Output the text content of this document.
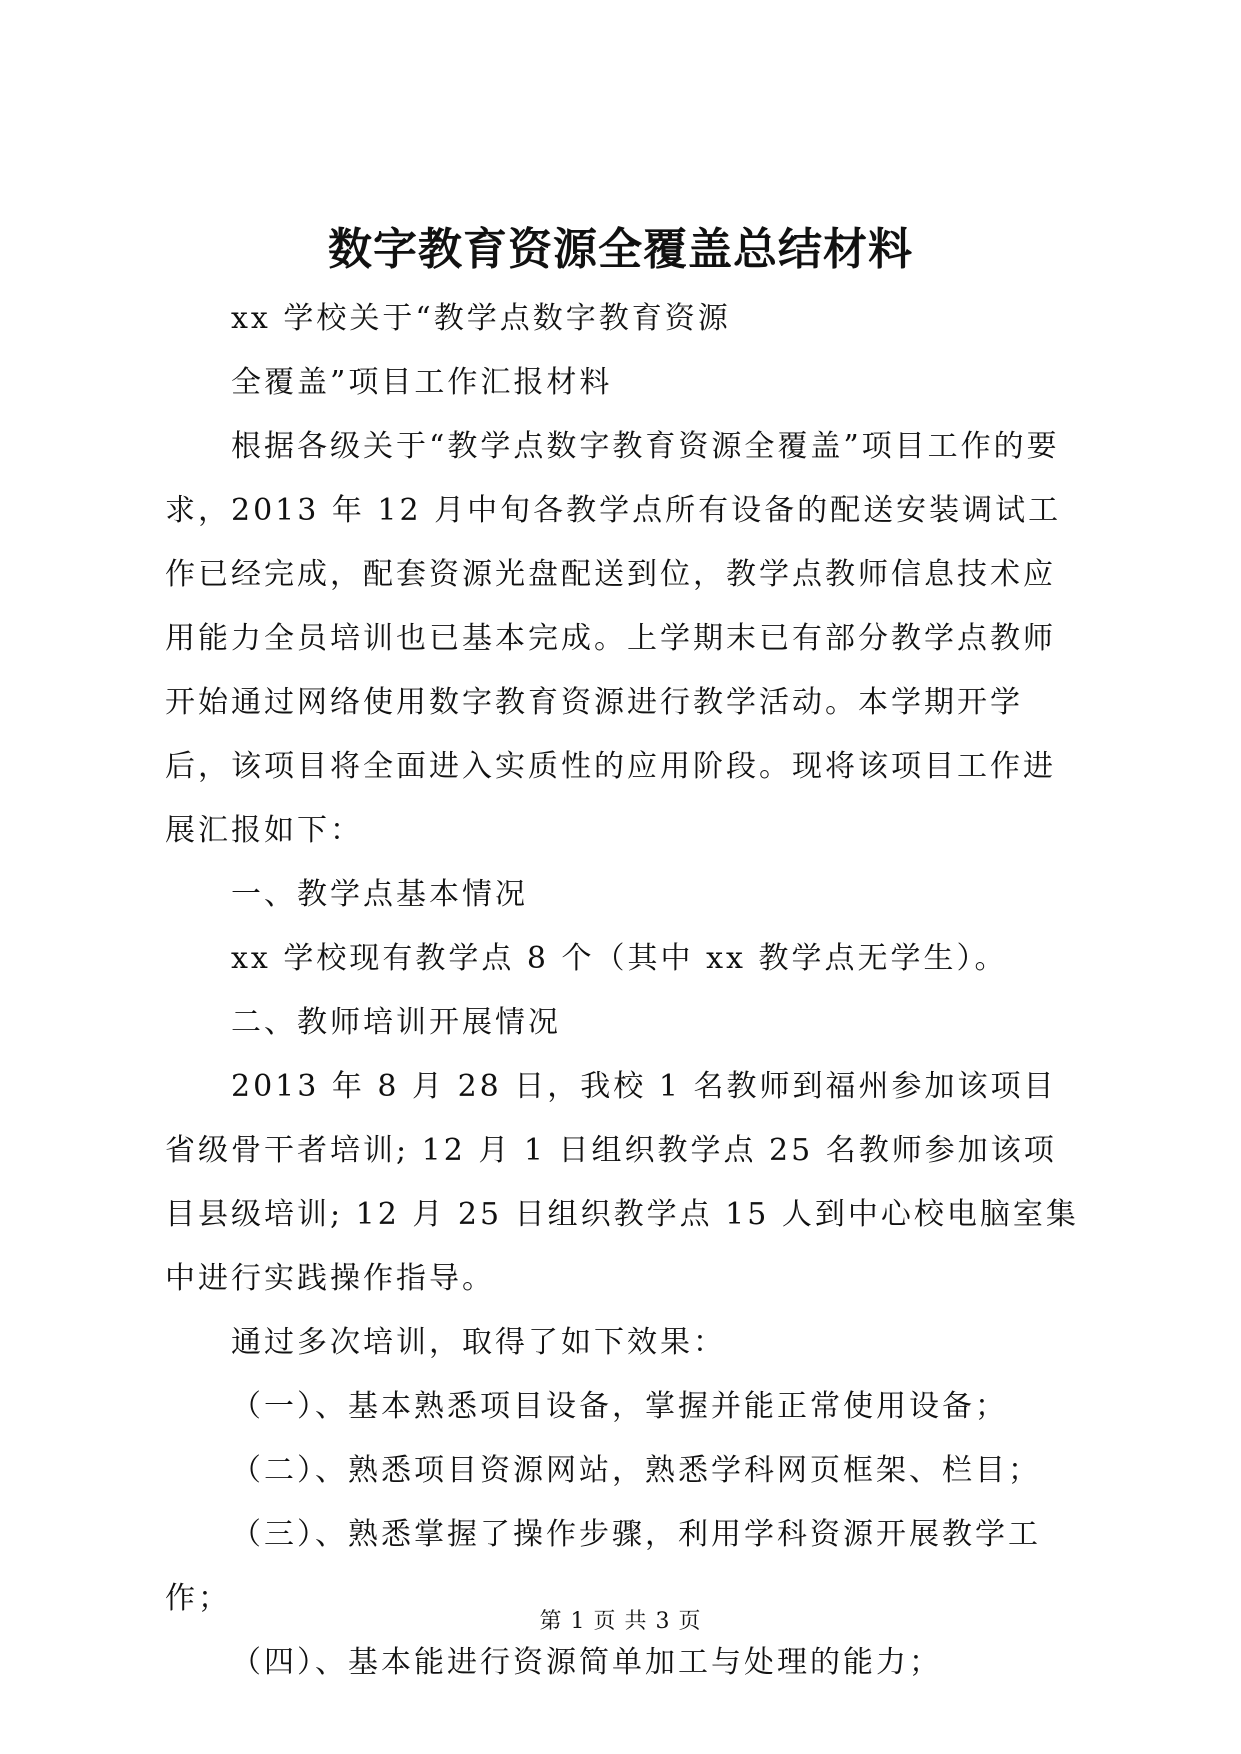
数字教育资源全覆盖总结材料

xx 学校关于“教学点数字教育资源

全覆盖”项目工作汇报材料

根据各级关于“教学点数字教育资源全覆盖”项目工作的要求，2013 年 12 月中旬各教学点所有设备的配送安装调试工作已经完成，配套资源光盘配送到位，教学点教师信息技术应用能力全员培训也已基本完成。上学期末已有部分教学点教师开始通过网络使用数字教育资源进行教学活动。本学期开学后，该项目将全面进入实质性的应用阶段。现将该项目工作进展汇报如下：

一、教学点基本情况

xx 学校现有教学点 8 个（其中 xx 教学点无学生）。

二、教师培训开展情况

2013 年 8 月 28 日，我校 1 名教师到福州参加该项目省级骨干者培训; 12 月 1 日组织教学点 25 名教师参加该项目县级培训; 12 月 25 日组织教学点 15 人到中心校电脑室集中进行实践操作指导。

通过多次培训，取得了如下效果：

（一）、基本熟悉项目设备，掌握并能正常使用设备；

（二）、熟悉项目资源网站，熟悉学科网页框架、栏目；

（三）、熟悉掌握了操作步骤，利用学科资源开展教学工作；

（四）、基本能进行资源简单加工与处理的能力；

第 1 页 共 3 页
